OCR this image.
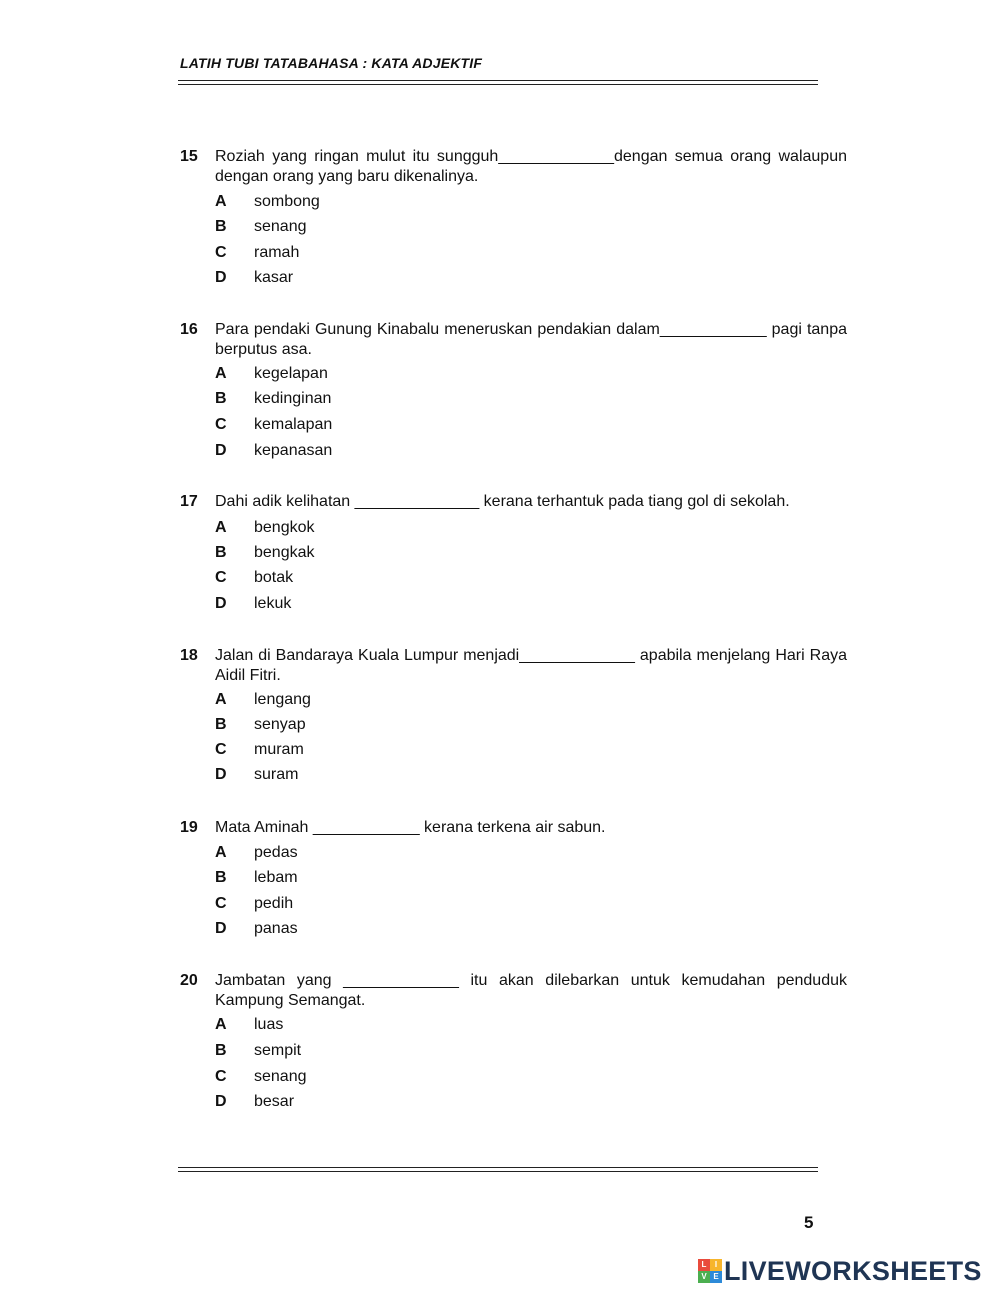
LATIH TUBI TATABAHASA : KATA ADJEKTIF
15 Roziah yang ringan mulut itu sungguh_____________dengan semua orang walaupun dengan orang yang baru dikenalinya.
A sombong
B senang
C ramah
D kasar
16 Para pendaki Gunung Kinabalu meneruskan pendakian dalam____________ pagi tanpa berputus asa.
A kegelapan
B kedinginan
C kemalapan
D kepanasan
17 Dahi adik kelihatan ______________ kerana terhantuk pada tiang gol di sekolah.
A bengkok
B bengkak
C botak
D lekuk
18 Jalan di Bandaraya Kuala Lumpur menjadi_____________ apabila menjelang Hari Raya Aidil Fitri.
A lengang
B senyap
C muram
D suram
19 Mata Aminah ____________ kerana terkena air sabun.
A pedas
B lebam
C pedih
D panas
20 Jambatan yang _____________ itu akan dilebarkan untuk kemudahan penduduk Kampung Semangat.
A luas
B sempit
C senang
D besar
5
L	I
V E LIVEWORKSHEETS
